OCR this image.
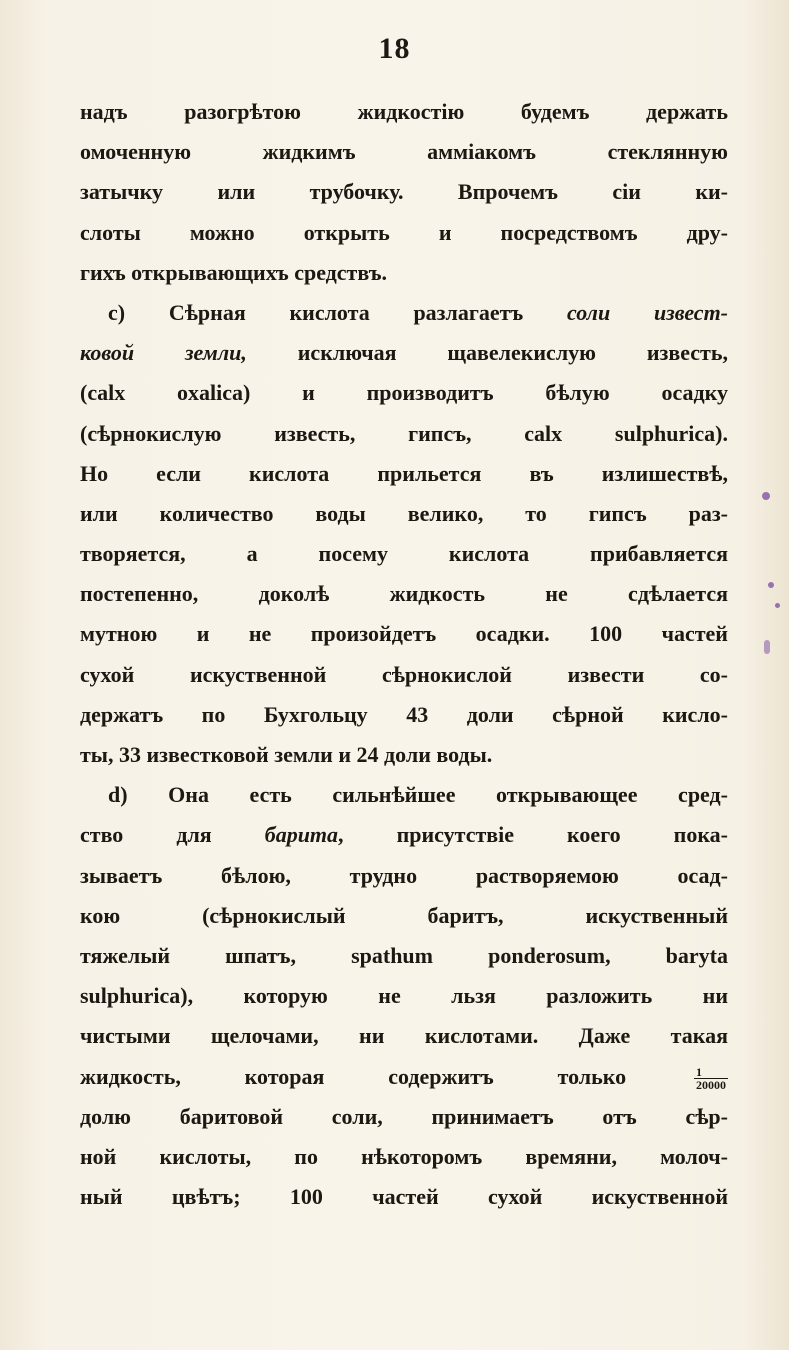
18
надъ разогрѣтою жидкостію будемъ держать
омоченную жидкимъ аммiакомъ стеклянную
затычку или трубочку. Впрочемъ сіи ки-
слоты можно открыть и посредствомъ дру-
гихъ открывающихъ средствъ.
с) Сѣрная кислота разлагаетъ соли извест-
ковой земли, исключая щавелекислую известь,
(calx oxalica) и производитъ бѣлую осадку
(сѣрнокислую известь, гипсъ, calx sulphurica).
Но если кислота прильется въ излишествѣ,
или количество воды велико, то гипсъ раз-
творяется, а посему кислота прибавляется
постепенно, доколѣ жидкость не сдѣлается
мутною и не произойдетъ осадки. 100 частей
сухой искуственной сѣрнокислой извести со-
держатъ по Бухгольцу 43 доли сѣрной кисло-
ты, 33 известковой земли и 24 доли воды.
d) Она есть сильнѣйшее открывающее сред-
ство для барита, присутствіе коего пока-
зываетъ бѣлою, трудно растворяемою осад-
кою (сѣрнокислый баритъ, искуственный
тяжелый шпатъ, spathum ponderosum, baryta
sulphurica), которую не льзя разложить ни
чистыми щелочами, ни кислотами. Даже такая
жидкость, которая содержитъ только	$\frac{1}{20000}$
долю баритовой соли, принимаетъ отъ сѣр-
ной кислоты, по нѣкоторомъ времяни, молоч-
ный цвѣтъ; 100 частей сухой искуственной
